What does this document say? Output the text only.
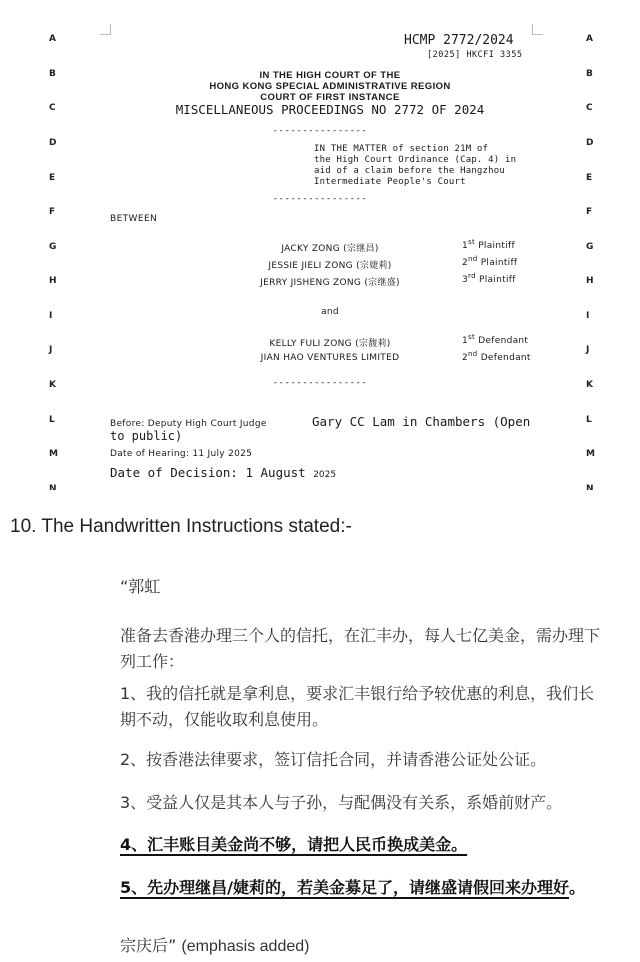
A	A
B	B
C	C
D	D
E	E
F	F
G	G
H	H
I	I
J	J
K	K
L	L
M	M
N	N
HCMP 2772/2024
[2025] HKCFI 3355
IN THE HIGH COURT OF THE
HONG KONG SPECIAL ADMINISTRATIVE REGION
COURT OF FIRST INSTANCE
MISCELLANEOUS PROCEEDINGS NO 2772 OF 2024
----------------
IN THE MATTER of section 21M of
the High Court Ordinance (Cap. 4) in
aid of a claim before the Hangzhou
Intermediate People's Court
----------------
BETWEEN
JACKY ZONG (宗继昌)	1st Plaintiff
JESSIE JIELI ZONG (宗婕莉)	2nd Plaintiff
JERRY JISHENG ZONG (宗继盛)	3rd Plaintiff
and
KELLY FULI ZONG (宗馥莉)	1st Defendant
JIAN HAO VENTURES LIMITED	2nd Defendant
----------------
Before: Deputy High Court Judge	Gary CC Lam in Chambers (Open
to public)
Date of Hearing: 11 July 2025
Date of Decision: 1 August 2025
10. The Handwritten Instructions stated:-
“郭虹
准备去香港办理三个人的信托，在汇丰办，每人七亿美金，需办理下列工作：
1、我的信托就是拿利息，要求汇丰银行给予较优惠的利息，我们长期不动，仅能收取利息使用。
2、按香港法律要求，签订信托合同，并请香港公证处公证。
3、受益人仅是其本人与子孙，与配偶没有关系，系婚前财产。
4、汇丰账目美金尚不够，请把人民币换成美金。
5、先办理继昌/婕莉的，若美金募足了，请继盛请假回来办理好。
宗庆后” (emphasis added)
